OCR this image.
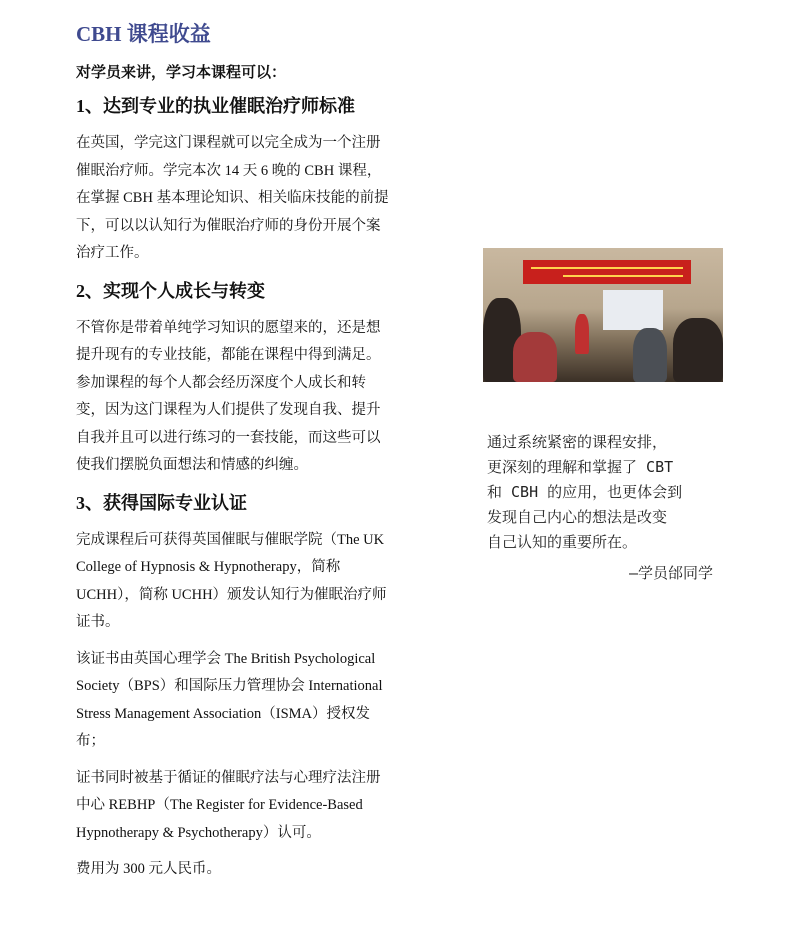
CBH 课程收益
对学员来讲，学习本课程可以：
1、达到专业的执业催眠治疗师标准

在英国，学完这门课程就可以完全成为一个注册催眠治疗师。学完本次 14 天 6 晚的 CBH 课程，在掌握 CBH 基本理论知识、相关临床技能的前提下，可以以认知行为催眠治疗师的身份开展个案治疗工作。

2、实现个人成长与转变

不管你是带着单纯学习知识的愿望来的，还是想提升现有的专业技能，都能在课程中得到满足。参加课程的每个人都会经历深度个人成长和转变，因为这门课程为人们提供了发现自我、提升自我并且可以进行练习的一套技能，而这些可以使我们摆脱负面想法和情感的纠缠。

3、获得国际专业认证

完成课程后可获得英国催眠与催眠学院（The UK College of Hypnosis & Hypnotherapy，简称 UCHH），简称 UCHH）颁发认知行为催眠治疗师证书。

该证书由英国心理学会 The British Psychological Society（BPS）和国际压力管理协会 International Stress Management Association（ISMA）授权发布；

证书同时被基于循证的催眠疗法与心理疗法注册中心 REBHP（The Register for Evidence-Based Hypnotherapy & Psychotherapy）认可。

费用为 300 元人民币。

通过系统紧密的课程安排，
更深刻的理解和掌握了 CBT
和 CBH 的应用，也更体会到
发现自己内心的想法是改变
自己认知的重要所在。

—学员邰同学
